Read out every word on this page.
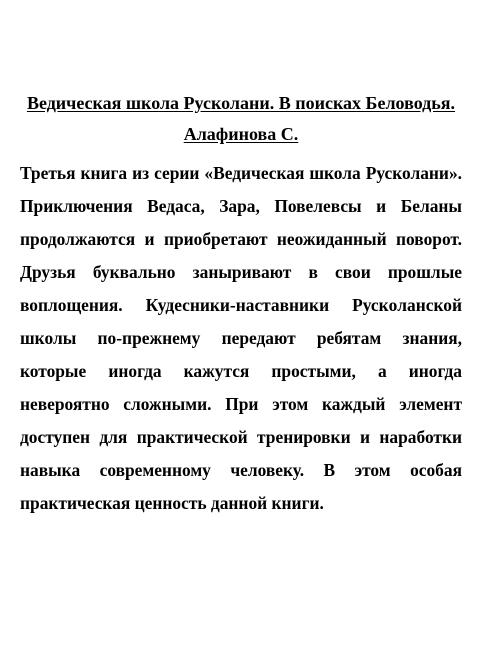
Ведическая школа Русколани. В поисках Беловодья. Алафинова С.

Третья книга из серии «Ведическая школа Русколани». Приключения Ведаса, Зара, Повелевсы и Беланы продолжаются и приобретают неожиданный поворот. Друзья буквально заныривают в свои прошлые воплощения. Кудесники-наставники Рускoланской школы по-прежнему передают ребятам знания, которые иногда кажутся простыми, а иногда невероятно сложными. При этом каждый элемент доступен для практической тренировки и наработки навыка современному человеку. В этом особая практическая ценность данной книги.
